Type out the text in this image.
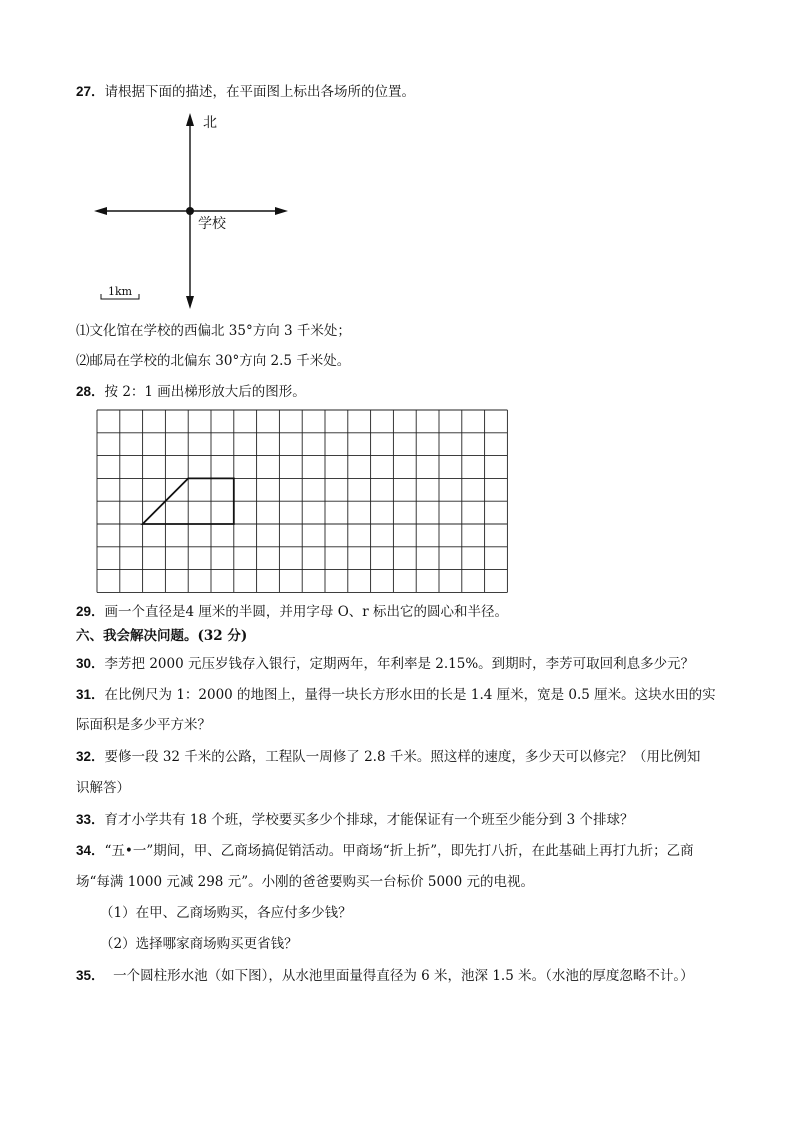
27．请根据下面的描述，在平面图上标出各场所的位置。
北
学校
1km
⑴文化馆在学校的西偏北 35°方向 3 千米处；
⑵邮局在学校的北偏东 30°方向 2.5 千米处。
28．按 2：1 画出梯形放大后的图形。
29．画一个直径是4 厘米的半圆，并用字母 O、r 标出它的圆心和半径。
六、我会解决问题。(32 分)
30．李芳把 2000 元压岁钱存入银行，定期两年，年利率是 2.15%。到期时，李芳可取回利息多少元？
31．在比例尺为 1：2000 的地图上，量得一块长方形水田的长是 1.4 厘米，宽是 0.5 厘米。这块水田的实
际面积是多少平方米？
32．要修一段 32 千米的公路，工程队一周修了 2.8 千米。照这样的速度，多少天可以修完？（用比例知
识解答）
33．育才小学共有 18 个班，学校要买多少个排球，才能保证有一个班至少能分到 3 个排球？
34．“五•一”期间，甲、乙商场搞促销活动。甲商场“折上折”，即先打八折，在此基础上再打九折；乙商
场“每满 1000 元减 298 元”。小刚的爸爸要购买一台标价 5000 元的电视。
（1）在甲、乙商场购买，各应付多少钱？
（2）选择哪家商场购买更省钱？
35．  一个圆柱形水池（如下图），从水池里面量得直径为 6 米，池深 1.5 米。（水池的厚度忽略不计。）
